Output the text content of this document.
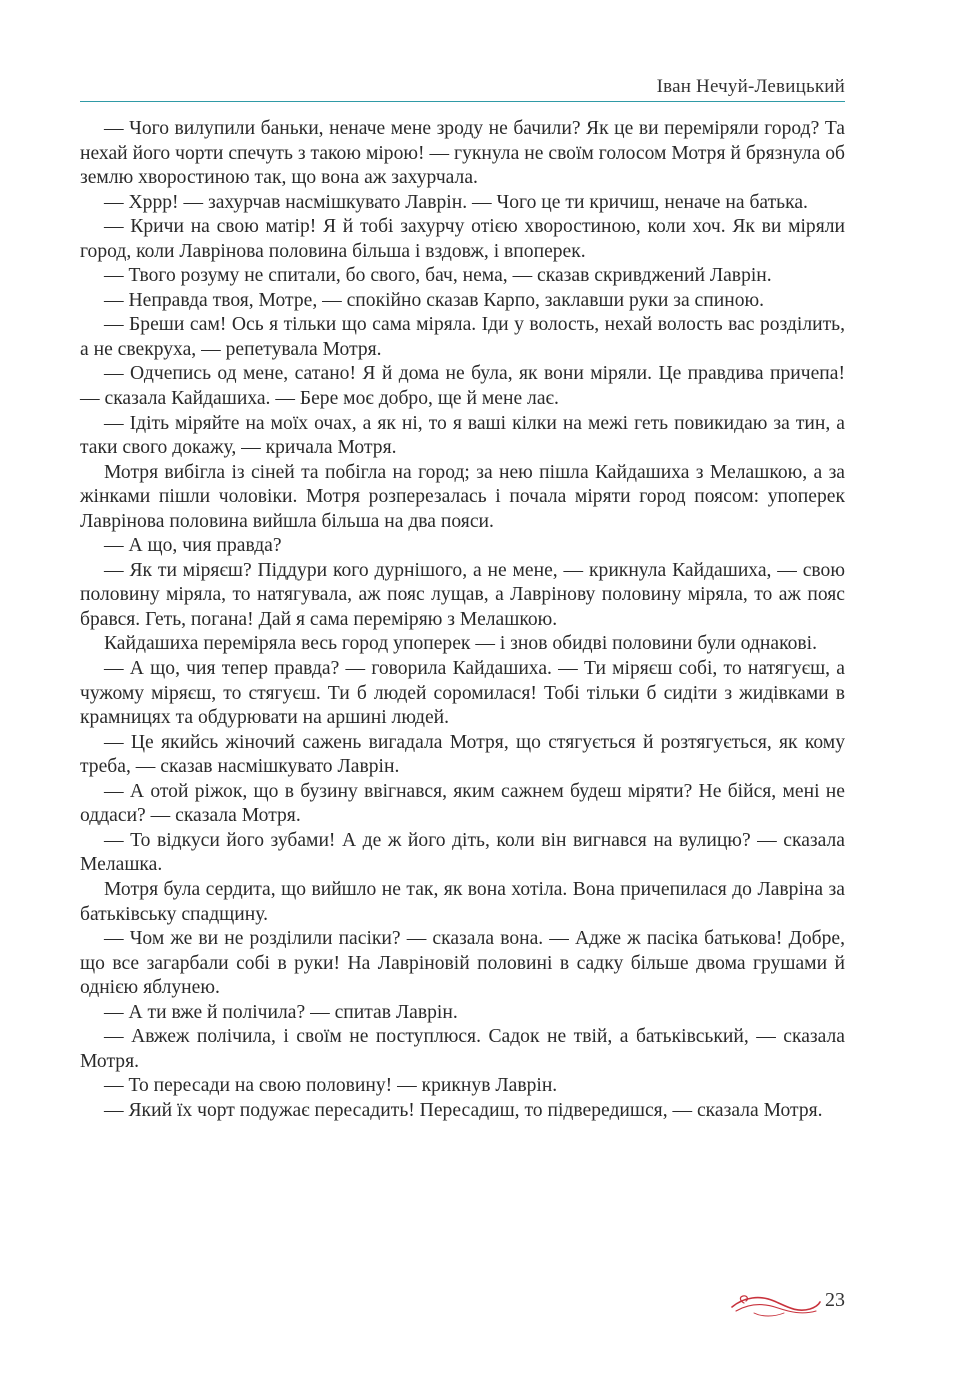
Іван Нечуй-Левицький

— Чого вилупили баньки, неначе мене зроду не бачили? Як це ви переміряли город? Та нехай його чорти спечуть з такою мірою! — гукнула не своїм голосом Мотря й брязнула об землю хворостиною так, що вона аж захурчала.

— Хррр! — захурчав насмішкувато Лаврін. — Чого це ти кричиш, неначе на батька.

— Кричи на свою матір! Я й тобі захурчу отією хворостиною, коли хоч. Як ви міряли город, коли Лаврінова половина більша і вздовж, і впоперек.

— Твого розуму не спитали, бо свого, бач, нема, — сказав скривджений Лаврін.

— Неправда твоя, Мотре, — спокійно сказав Карпо, заклавши руки за спиною.

— Бреши сам! Ось я тільки що сама міряла. Іди у волость, нехай волость вас розділить, а не свекруха, — репетувала Мотря.

— Одчепись од мене, сатано! Я й дома не була, як вони міряли. Це правдива причепа! — сказала Кайдашиха. — Бере моє добро, ще й мене лає.

— Ідіть міряйте на моїх очах, а як ні, то я ваші кілки на межі геть повикидаю за тин, а таки свого докажу, — кричала Мотря.

Мотря вибігла із сіней та побігла на город; за нею пішла Кайдашиха з Мелашкою, а за жінками пішли чоловіки. Мотря розперезалась і почала міряти город поясом: упоперек Лаврінова половина вийшла більша на два пояси.

— А що, чия правда?

— Як ти міряєш? Піддури кого дурнішого, а не мене, — крикнула Кайдашиха, — свою половину міряла, то натягувала, аж пояс лущав, а Лаврінову половину міряла, то аж пояс брався. Геть, погана! Дай я сама переміряю з Мелашкою.

Кайдашиха переміряла весь город упоперек — і знов обидві половини були однакові.

— А що, чия тепер правда? — говорила Кайдашиха. — Ти міряєш собі, то натягуєш, а чужому міряєш, то стягуєш. Ти б людей соромилася! Тобі тільки б сидіти з жидівками в крамницях та обдурювати на аршині людей.

— Це якийсь жіночий сажень вигадала Мотря, що стягується й розтягується, як кому треба, — сказав насмішкувато Лаврін.

— А отой ріжок, що в бузину ввігнався, яким сажнем будеш міряти? Не бійся, мені не оддаси? — сказала Мотря.

— То відкуси його зубами! А де ж його діть, коли він вигнався на вулицю? — сказала Мелашка.

Мотря була сердита, що вийшло не так, як вона хотіла. Вона причепилася до Лавріна за батьківську спадщину.

— Чом же ви не розділили пасіки? — сказала вона. — Адже ж пасіка батькова! Добре, що все загарбали собі в руки! На Лавріновій половині в садку більше двома грушами й однією яблунею.

— А ти вже й полічила? — спитав Лаврін.

— Авжеж полічила, і своїм не поступлюся. Садок не твій, а батьківський, — сказала Мотря.

— То пересади на свою половину! — крикнув Лаврін.

— Який їх чорт подужає пересадить! Пересадиш, то підвередишся, — сказала Мотря.

23
